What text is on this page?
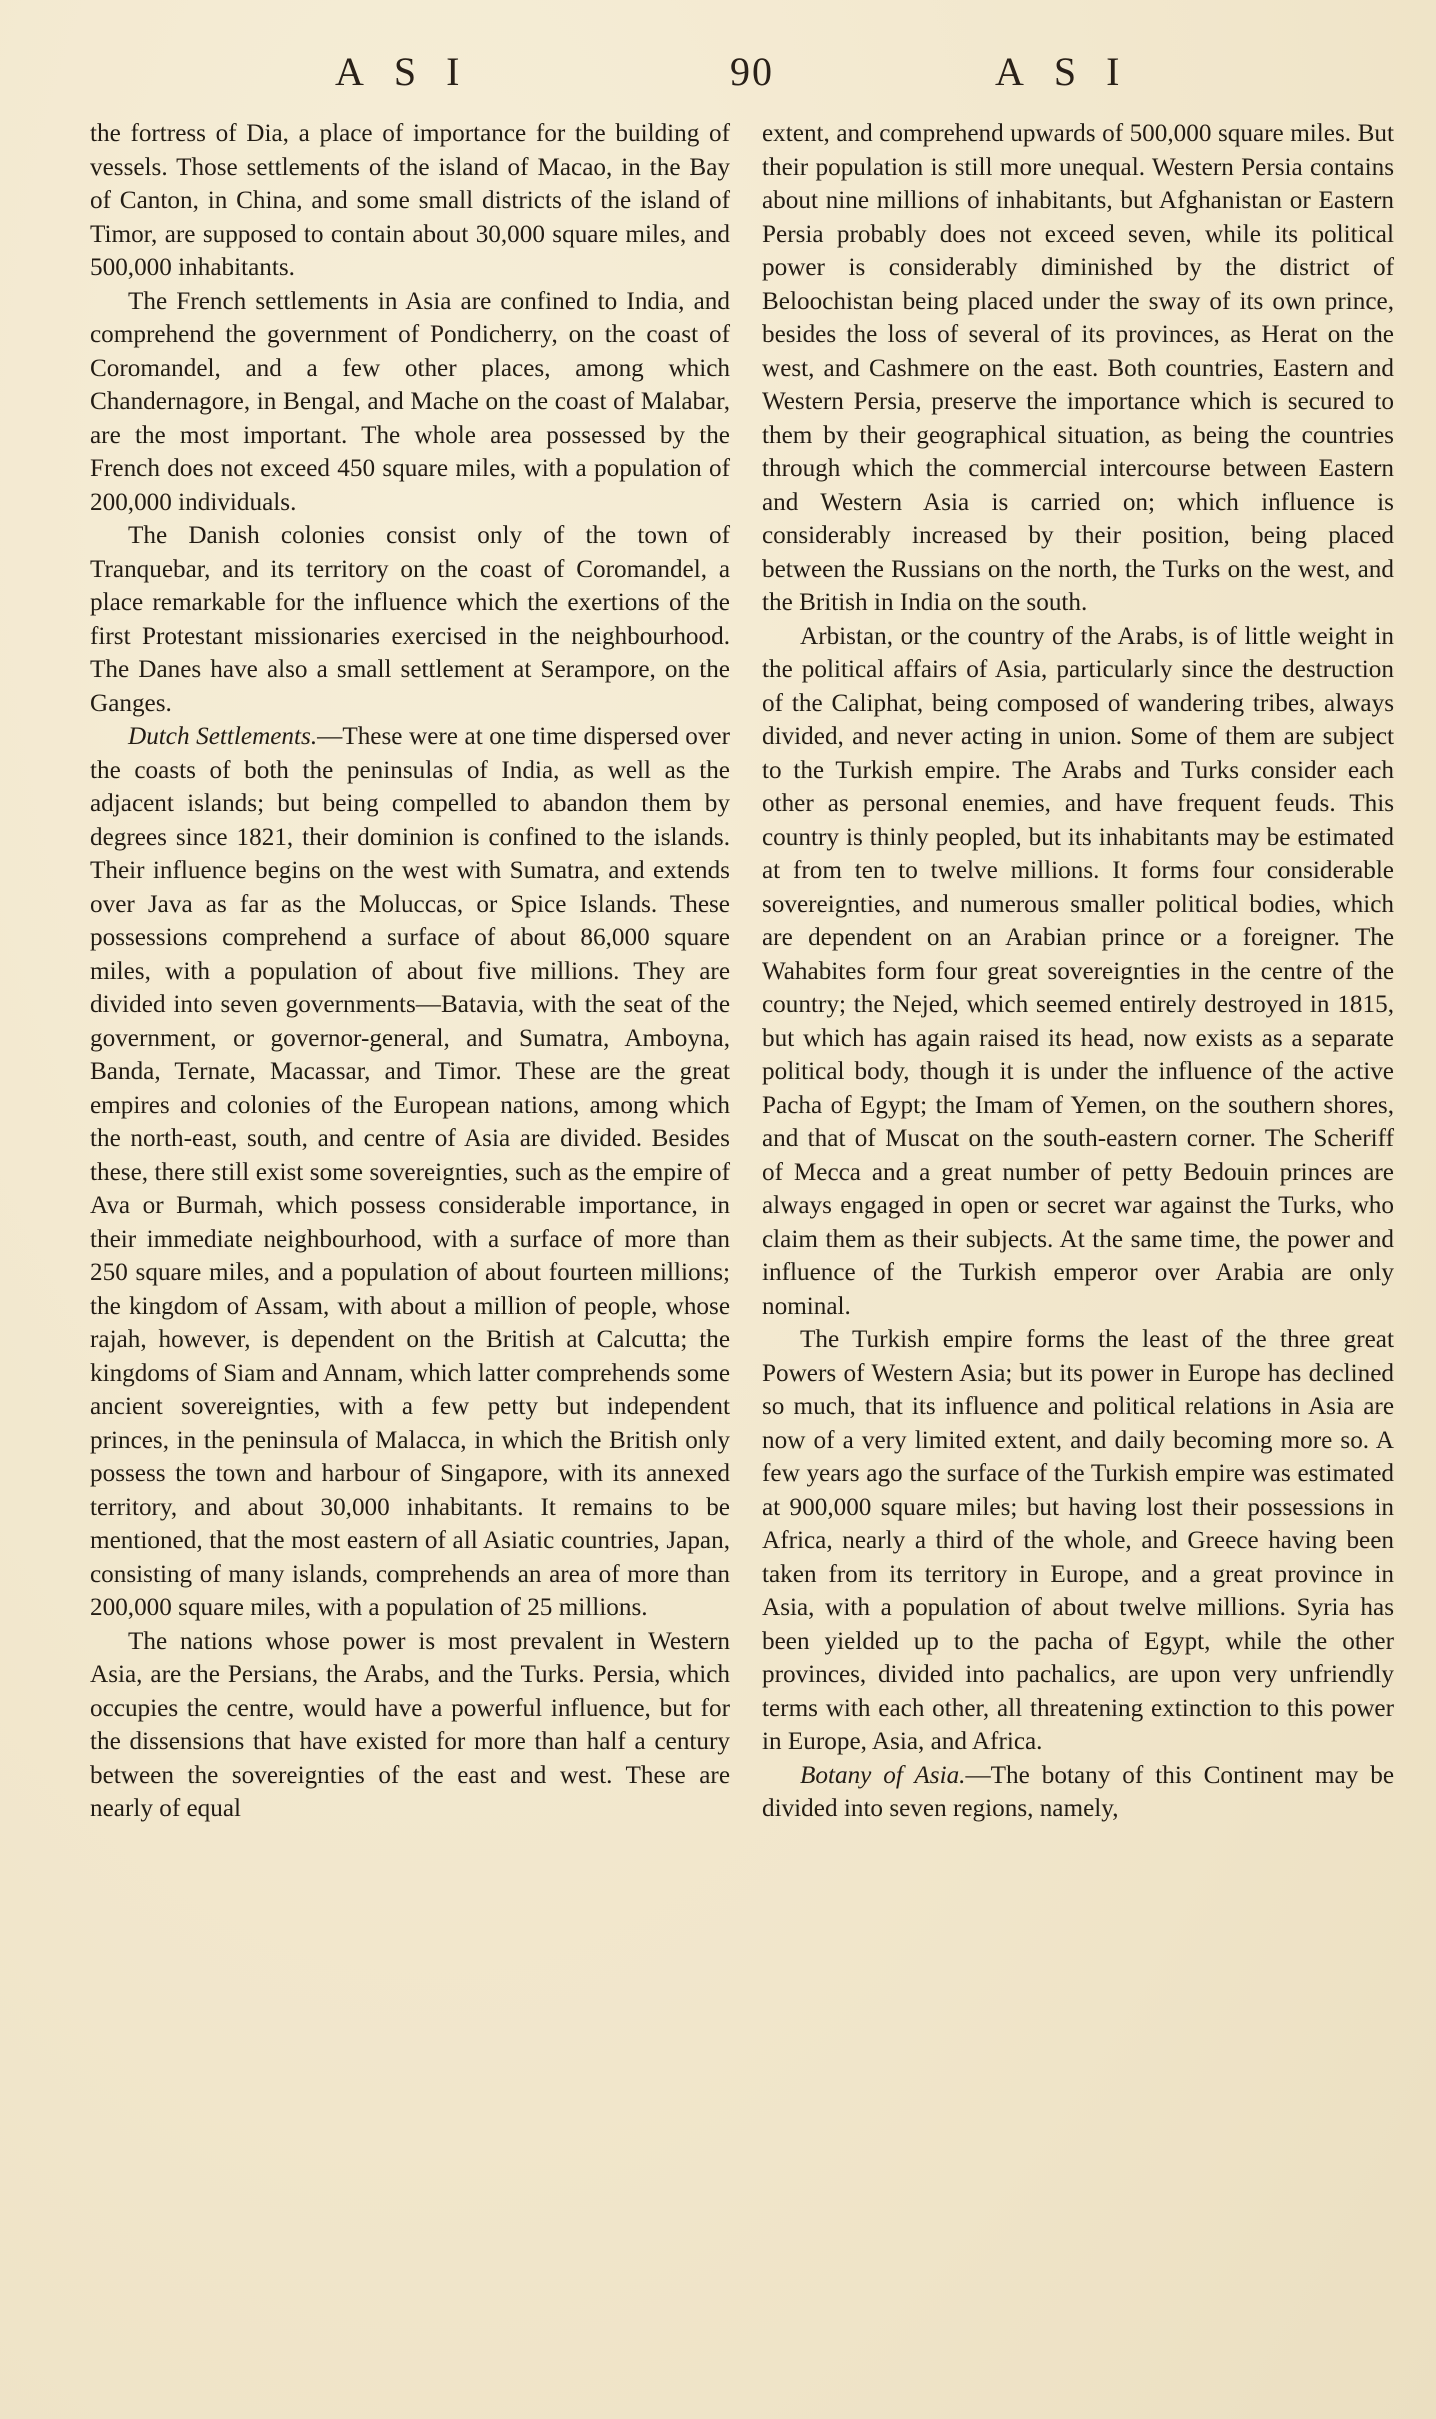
ASI	90	ASI

the fortress of Dia, a place of importance for the building of vessels. Those settlements of the island of Macao, in the Bay of Canton, in China, and some small districts of the island of Timor, are supposed to contain about 30,000 square miles, and 500,000 inhabitants.

The French settlements in Asia are confined to India, and comprehend the government of Pondicherry, on the coast of Coromandel, and a few other places, among which Chandernagore, in Bengal, and Mache on the coast of Malabar, are the most important. The whole area possessed by the French does not exceed 450 square miles, with a population of 200,000 individuals.

The Danish colonies consist only of the town of Tranquebar, and its territory on the coast of Coromandel, a place remarkable for the influence which the exertions of the first Protestant missionaries exercised in the neighbourhood. The Danes have also a small settlement at Serampore, on the Ganges.

Dutch Settlements.—These were at one time dispersed over the coasts of both the peninsulas of India, as well as the adjacent islands; but being compelled to abandon them by degrees since 1821, their dominion is confined to the islands. Their influence begins on the west with Sumatra, and extends over Java as far as the Moluccas, or Spice Islands. These possessions comprehend a surface of about 86,000 square miles, with a population of about five millions. They are divided into seven governments—Batavia, with the seat of the government, or governor-general, and Sumatra, Amboyna, Banda, Ternate, Macassar, and Timor. These are the great empires and colonies of the European nations, among which the north-east, south, and centre of Asia are divided. Besides these, there still exist some sovereignties, such as the empire of Ava or Burmah, which possess considerable importance, in their immediate neighbourhood, with a surface of more than 250 square miles, and a population of about fourteen millions; the kingdom of Assam, with about a million of people, whose rajah, however, is dependent on the British at Calcutta; the kingdoms of Siam and Annam, which latter comprehends some ancient sovereignties, with a few petty but independent princes, in the peninsula of Malacca, in which the British only possess the town and harbour of Singapore, with its annexed territory, and about 30,000 inhabitants. It remains to be mentioned, that the most eastern of all Asiatic countries, Japan, consisting of many islands, comprehends an area of more than 200,000 square miles, with a population of 25 millions.

The nations whose power is most prevalent in Western Asia, are the Persians, the Arabs, and the Turks. Persia, which occupies the centre, would have a powerful influence, but for the dissensions that have existed for more than half a century between the sovereignties of the east and west. These are nearly of equal

extent, and comprehend upwards of 500,000 square miles. But their population is still more unequal. Western Persia contains about nine millions of inhabitants, but Afghanistan or Eastern Persia probably does not exceed seven, while its political power is considerably diminished by the district of Beloochistan being placed under the sway of its own prince, besides the loss of several of its provinces, as Herat on the west, and Cashmere on the east. Both countries, Eastern and Western Persia, preserve the importance which is secured to them by their geographical situation, as being the countries through which the commercial intercourse between Eastern and Western Asia is carried on; which influence is considerably increased by their position, being placed between the Russians on the north, the Turks on the west, and the British in India on the south.

Arbistan, or the country of the Arabs, is of little weight in the political affairs of Asia, particularly since the destruction of the Caliphat, being composed of wandering tribes, always divided, and never acting in union. Some of them are subject to the Turkish empire. The Arabs and Turks consider each other as personal enemies, and have frequent feuds. This country is thinly peopled, but its inhabitants may be estimated at from ten to twelve millions. It forms four considerable sovereignties, and numerous smaller political bodies, which are dependent on an Arabian prince or a foreigner. The Wahabites form four great sovereignties in the centre of the country; the Nejed, which seemed entirely destroyed in 1815, but which has again raised its head, now exists as a separate political body, though it is under the influence of the active Pacha of Egypt; the Imam of Yemen, on the southern shores, and that of Muscat on the south-eastern corner. The Scheriff of Mecca and a great number of petty Bedouin princes are always engaged in open or secret war against the Turks, who claim them as their subjects. At the same time, the power and influence of the Turkish emperor over Arabia are only nominal.

The Turkish empire forms the least of the three great Powers of Western Asia; but its power in Europe has declined so much, that its influence and political relations in Asia are now of a very limited extent, and daily becoming more so. A few years ago the surface of the Turkish empire was estimated at 900,000 square miles; but having lost their possessions in Africa, nearly a third of the whole, and Greece having been taken from its territory in Europe, and a great province in Asia, with a population of about twelve millions. Syria has been yielded up to the pacha of Egypt, while the other provinces, divided into pachalics, are upon very unfriendly terms with each other, all threatening extinction to this power in Europe, Asia, and Africa.

Botany of Asia.—The botany of this Continent may be divided into seven regions, namely,
